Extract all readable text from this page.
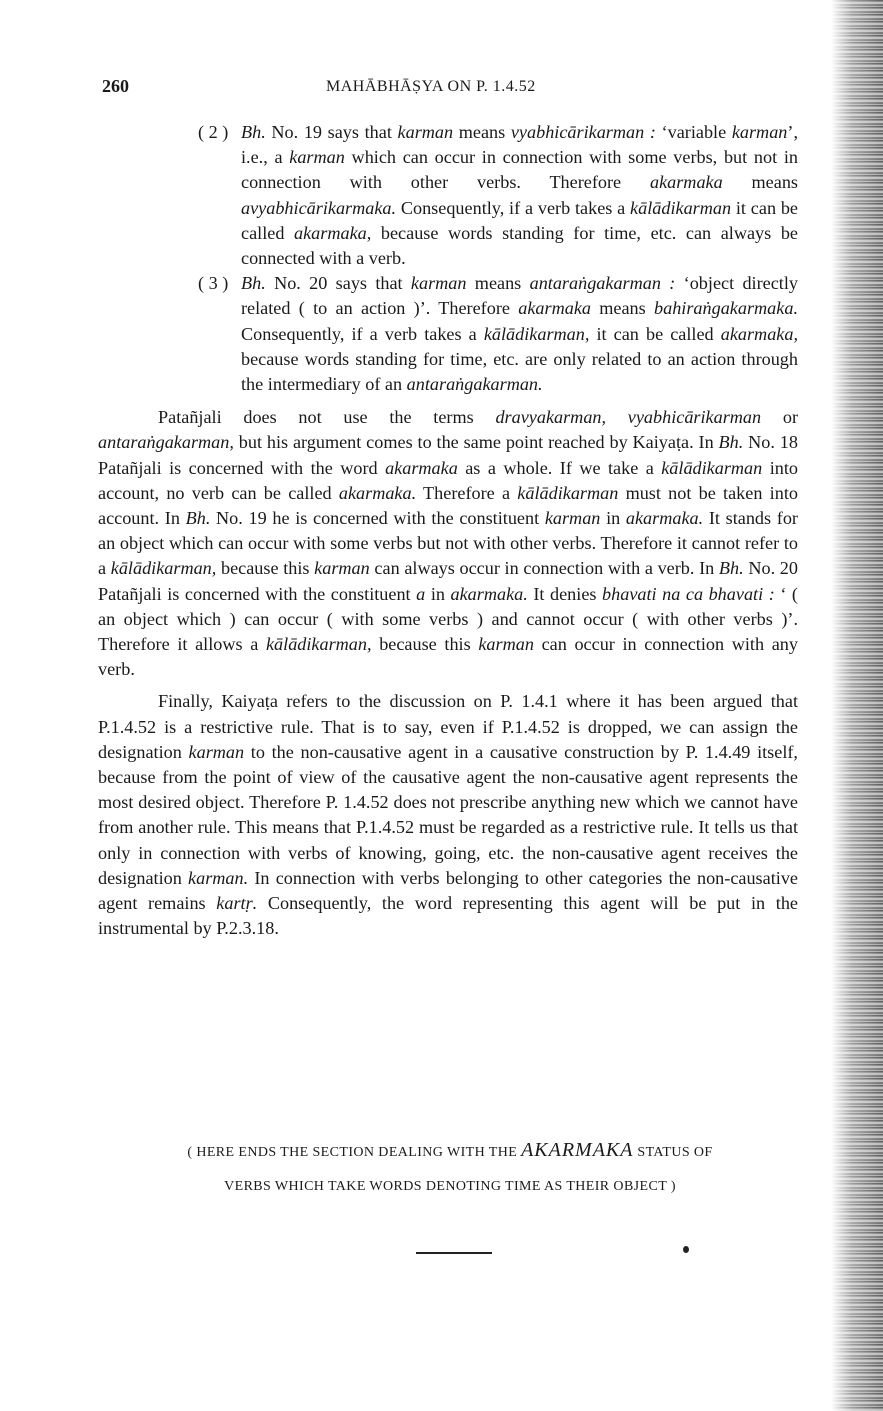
260	MAHĀBHĀṢYA ON P. 1.4.52
( 2 ) Bh. No. 19 says that karman means vyabhicārikarman : ‘variable karman’, i.e., a karman which can occur in connection with some verbs, but not in connection with other verbs. Therefore akarmaka means avyabhicārikarmaka. Consequently, if a verb takes a kālādikarman it can be called akarmaka, because words standing for time, etc. can always be connected with a verb.
( 3 ) Bh. No. 20 says that karman means antaraṅgakarman : ‘object directly related ( to an action )’. Therefore akarmaka means bahiraṅgakarmaka. Consequently, if a verb takes a kālādikarman, it can be called akarmaka, because words standing for time, etc. are only related to an action through the intermediary of an antaraṅgakarman.
Patañjali does not use the terms dravyakarman, vyabhicārikarman or antaraṅgakarman, but his argument comes to the same point reached by Kaiyaṭa. In Bh. No. 18 Patañjali is concerned with the word akarmaka as a whole. If we take a kālādikarman into account, no verb can be called akarmaka. Therefore a kālādikarman must not be taken into account. In Bh. No. 19 he is concerned with the constituent karman in akarmaka. It stands for an object which can occur with some verbs but not with other verbs. Therefore it cannot refer to a kālādikarman, because this karman can always occur in connection with a verb. In Bh. No. 20 Patañjali is concerned with the constituent a in akarmaka. It denies bhavati na ca bhavati : ‘ ( an object which ) can occur ( with some verbs ) and cannot occur ( with other verbs )’. Therefore it allows a kālādikarman, because this karman can occur in connection with any verb.
Finally, Kaiyaṭa refers to the discussion on P. 1.4.1 where it has been argued that P.1.4.52 is a restrictive rule. That is to say, even if P.1.4.52 is dropped, we can assign the designation karman to the non-causative agent in a causative construction by P. 1.4.49 itself, because from the point of view of the causative agent the non-causative agent represents the most desired object. Therefore P. 1.4.52 does not prescribe anything new which we cannot have from another rule. This means that P.1.4.52 must be regarded as a restrictive rule. It tells us that only in connection with verbs of knowing, going, etc. the non-causative agent receives the designation karman. In connection with verbs belonging to other categories the non-causative agent remains kartṛ. Consequently, the word representing this agent will be put in the instrumental by P.2.3.18.
( HERE ENDS THE SECTION DEALING WITH THE AKARMAKA STATUS OF
VERBS WHICH TAKE WORDS DENOTING TIME AS THEIR OBJECT )
